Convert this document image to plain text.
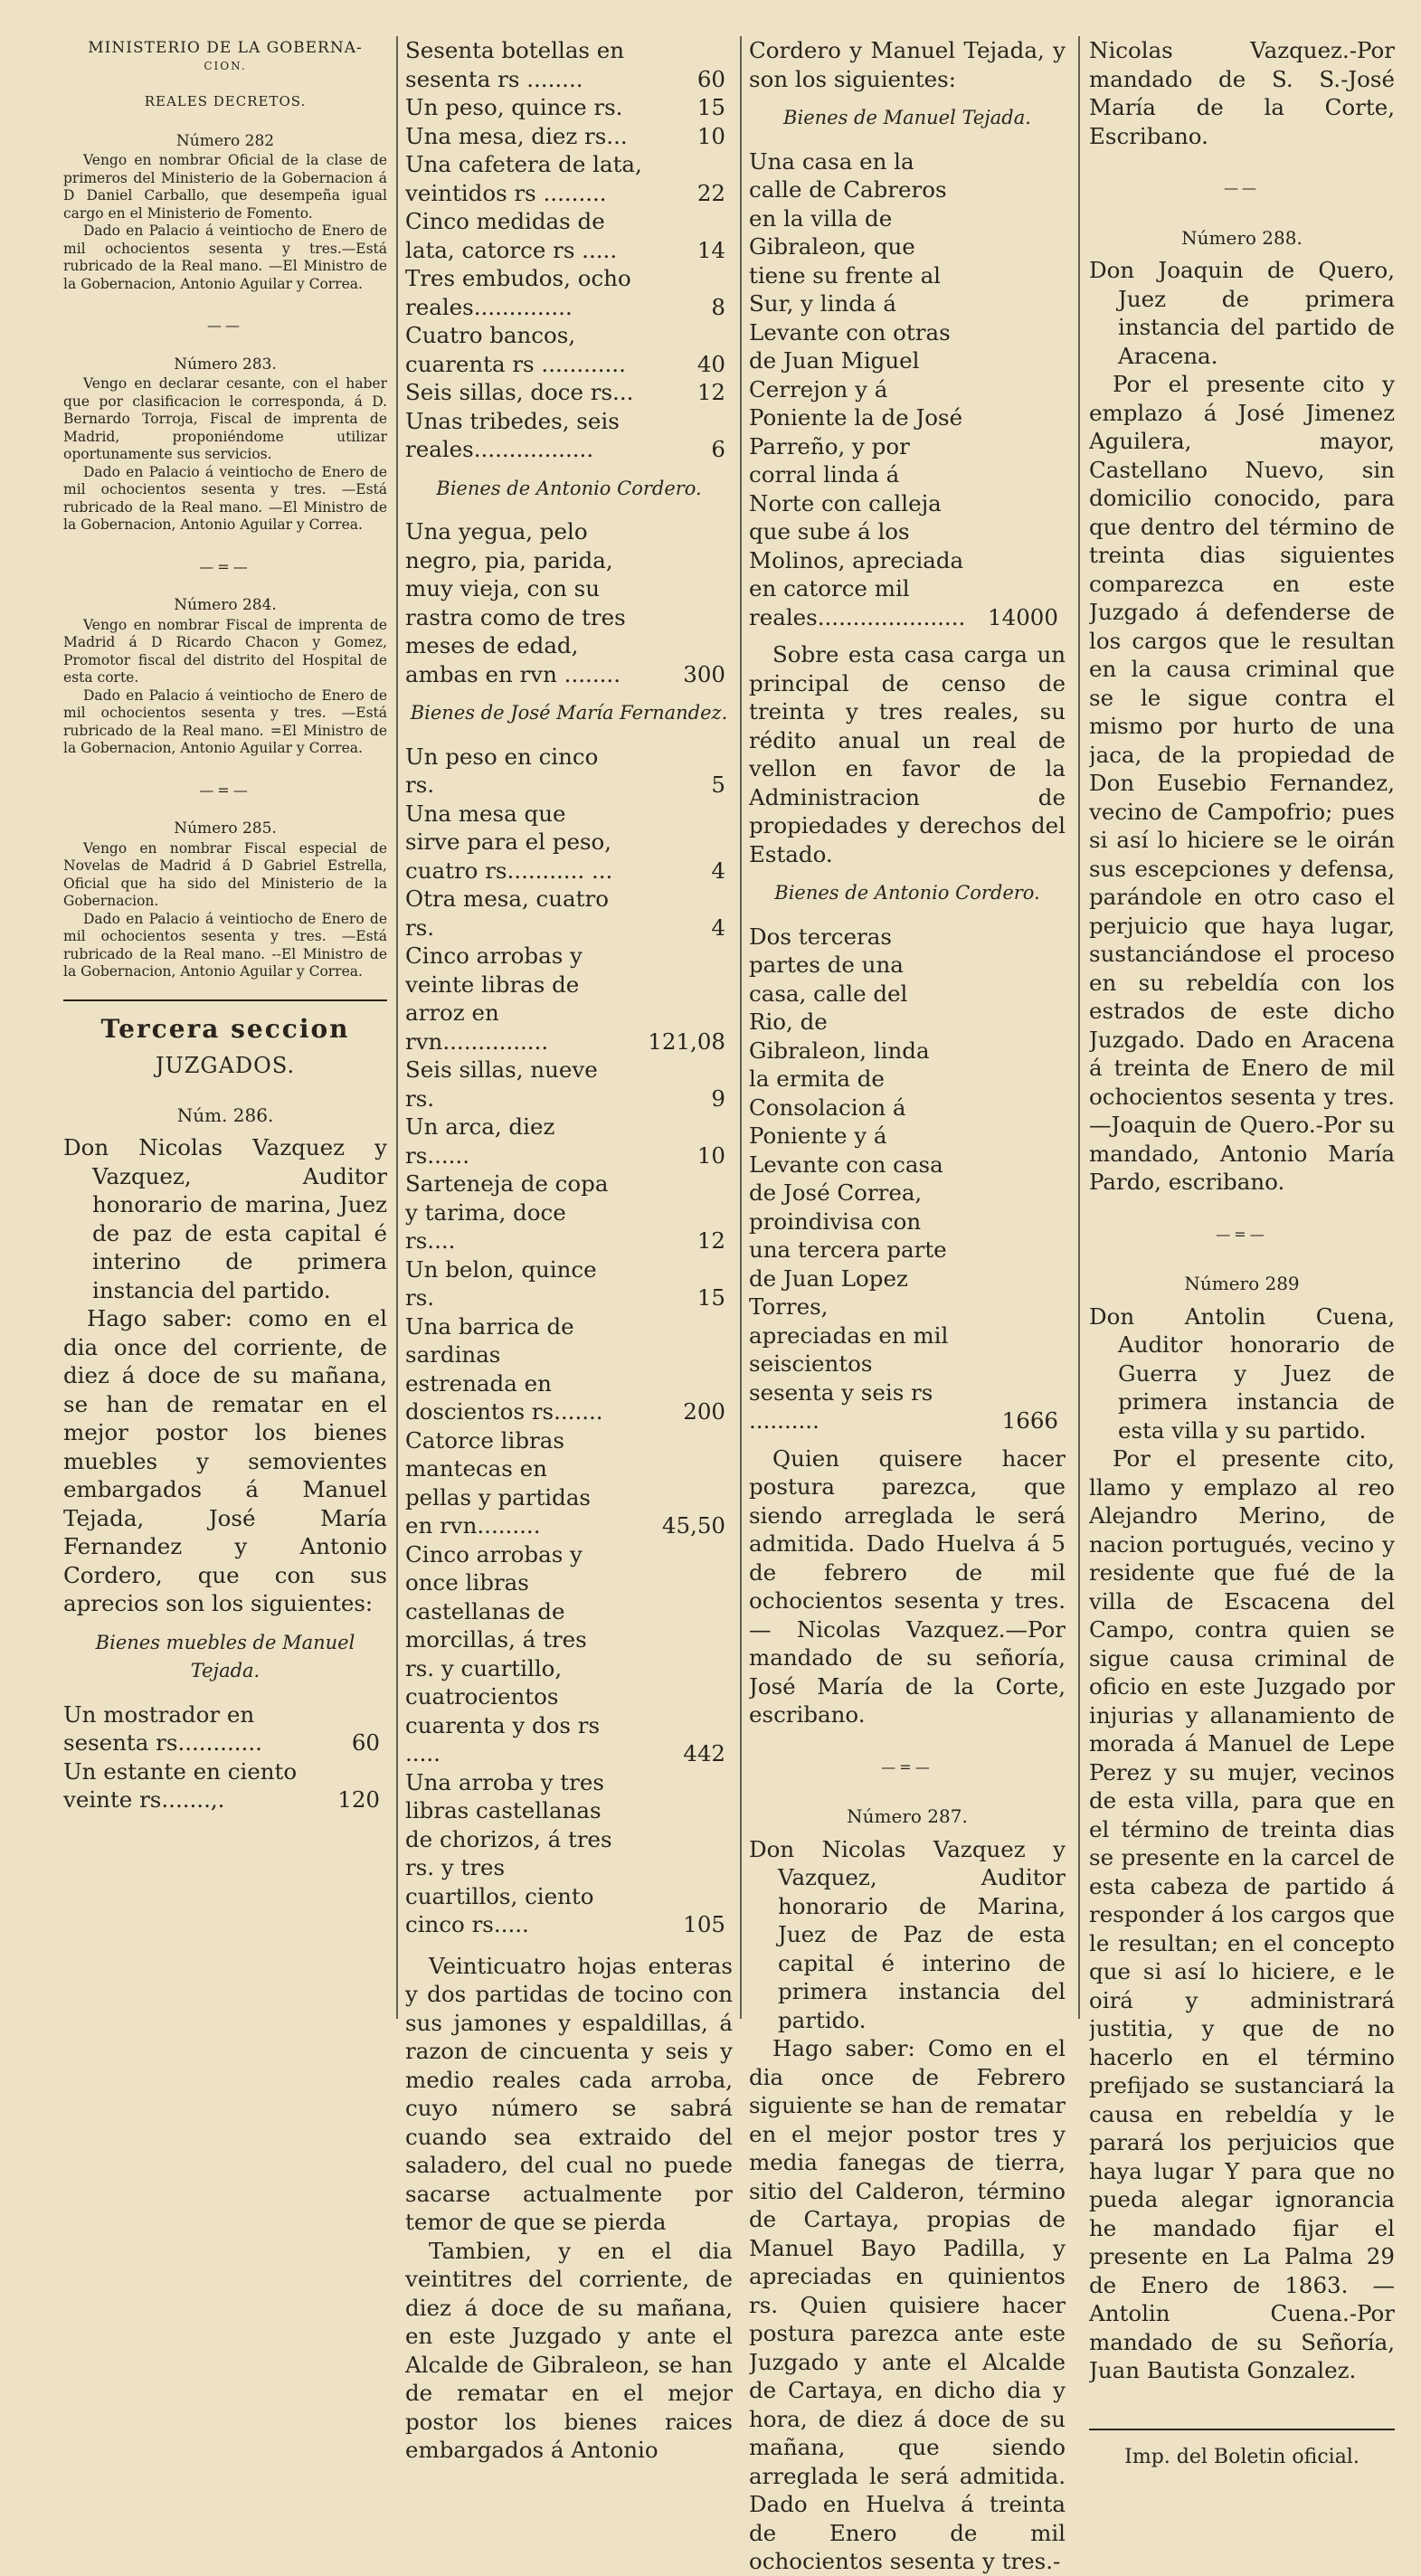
MINISTERIO DE LA GOBERNA-
CION.
REALES DECRETOS.
Número 282

Vengo en nombrar Oficial de la clase de primeros del Ministerio de la Gobernacion á D Daniel Carballo, que desempeña igual cargo en el Ministerio de Fomento.

Dado en Palacio á veintiocho de Enero de mil ochocientos sesenta y tres.—Está rubricado de la Real mano. —El Ministro de la Gobernacion, Antonio Aguilar y Correa.

——
Número 283.

Vengo en declarar cesante, con el haber que por clasificacion le corresponda, á D. Bernardo Torroja, Fiscal de imprenta de Madrid, proponiéndome utilizar oportunamente sus servicios.

Dado en Palacio á veintiocho de Enero de mil ochocientos sesenta y tres. —Está rubricado de la Real mano. —El Ministro de la Gobernacion, Antonio Aguilar y Correa.

—=—
Número 284.

Vengo en nombrar Fiscal de imprenta de Madrid á D Ricardo Chacon y Gomez, Promotor fiscal del distrito del Hospital de esta corte.

Dado en Palacio á veintiocho de Enero de mil ochocientos sesenta y tres. —Está rubricado de la Real mano. =El Ministro de la Gobernacion, Antonio Aguilar y Correa.

—=—
Número 285.

Vengo en nombrar Fiscal especial de Novelas de Madrid á D Gabriel Estrella, Oficial que ha sido del Ministerio de la Gobernacion.

Dado en Palacio á veintiocho de Enero de mil ochocientos sesenta y tres. —Está rubricado de la Real mano. --El Ministro de la Gobernacion, Antonio Aguilar y Correa.

Tercera seccion
JUZGADOS.
Núm. 286.

Don Nicolas Vazquez y Vazquez, Auditor honorario de marina, Juez de paz de esta capital é interino de primera instancia del partido.

Hago saber: como en el dia once del corriente, de diez á doce de su mañana, se han de rematar en el mejor postor los bienes muebles y semovientes embargados á Manuel Tejada, José María Fernandez y Antonio Cordero, que con sus aprecios son los siguientes:

Bienes muebles de Manuel Tejada.
Un mostrador en sesenta rs............	60
Un estante en ciento veinte rs.......,.	120
Sesenta botellas en sesenta rs ........	60
Un peso, quince rs.	15
Una mesa, diez rs...	10
Una cafetera de lata, veintidos rs .........	22
Cinco medidas de lata, catorce rs .....	14
Tres embudos, ocho reales..............	8
Cuatro bancos, cuarenta rs ............	40
Seis sillas, doce rs...	12
Unas tribedes, seis reales.................	6
Bienes de Antonio Cordero.
Una yegua, pelo negro, pia, parida, muy vieja, con su rastra como de tres meses de edad, ambas en rvn ........	300
Bienes de José María Fernandez.
Un peso en cinco rs.	5
Una mesa que sirve para el peso, cuatro rs........... ...	4
Otra mesa, cuatro rs.	4
Cinco arrobas y veinte libras de arroz en rvn...............	121,08
Seis sillas, nueve rs.	9
Un arca, diez rs......	10
Sarteneja de copa y tarima, doce rs....	12
Un belon, quince rs.	15
Una barrica de sardinas estrenada en doscientos rs.......	200
Catorce libras mantecas en pellas y partidas en rvn.........	45,50
Cinco arrobas y once libras castellanas de morcillas, á tres rs. y cuartillo, cuatrocientos cuarenta y dos rs .....	442
Una arroba y tres libras castellanas de chorizos, á tres rs. y tres cuartillos, ciento cinco rs.....	105

Veinticuatro hojas enteras y dos partidas de tocino con sus jamones y espaldillas, á razon de cincuenta y seis y medio reales cada arroba, cuyo número se sabrá cuando sea extraido del saladero, del cual no puede sacarse actualmente por temor de que se pierda

Tambien, y en el dia veintitres del corriente, de diez á doce de su mañana, en este Juzgado y ante el Alcalde de Gibraleon, se han de rematar en el mejor postor los bienes raices embargados á Antonio

Cordero y Manuel Tejada, y son los siguientes:

Bienes de Manuel Tejada.
Una casa en la calle de Cabreros en la villa de Gibraleon, que tiene su frente al Sur, y linda á Levante con otras de Juan Miguel Cerrejon y á Poniente la de José Parreño, y por corral linda á Norte con calleja que sube á los Molinos, apreciada en catorce mil reales.....................	14000

Sobre esta casa carga un principal de censo de treinta y tres reales, su rédito anual un real de vellon en favor de la Administracion de propiedades y derechos del Estado.

Bienes de Antonio Cordero.
Dos terceras partes de una casa, calle del Rio, de Gibraleon, linda la ermita de Consolacion á Poniente y á Levante con casa de José Correa, proindivisa con una tercera parte de Juan Lopez Torres, apreciadas en mil seiscientos sesenta y seis rs ..........	1666

Quien quisere hacer postura parezca, que siendo arreglada le será admitida. Dado Huelva á 5 de febrero de mil ochocientos sesenta y tres.— Nicolas Vazquez.—Por mandado de su señoría, José María de la Corte, escribano.

—=—
Número 287.

Don Nicolas Vazquez y Vazquez, Auditor honorario de Marina, Juez de Paz de esta capital é interino de primera instancia del partido.

Hago saber: Como en el dia once de Febrero siguiente se han de rematar en el mejor postor tres y media fanegas de tierra, sitio del Calderon, término de Cartaya, propias de Manuel Bayo Padilla, y apreciadas en quinientos rs. Quien quisiere hacer postura parezca ante este Juzgado y ante el Alcalde de Cartaya, en dicho dia y hora, de diez á doce de su mañana, que siendo arreglada le será admitida. Dado en Huelva á treinta de Enero de mil ochocientos sesenta y tres.-

Nicolas Vazquez.-Por mandado de S. S.-José María de la Corte, Escribano.

——
Número 288.

Don Joaquin de Quero, Juez de primera instancia del partido de Aracena.

Por el presente cito y emplazo á José Jimenez Aguilera, mayor, Castellano Nuevo, sin domicilio conocido, para que dentro del término de treinta dias siguientes comparezca en este Juzgado á defenderse de los cargos que le resultan en la causa criminal que se le sigue contra el mismo por hurto de una jaca, de la propiedad de Don Eusebio Fernandez, vecino de Campofrio; pues si así lo hiciere se le oirán sus escepciones y defensa, parándole en otro caso el perjuicio que haya lugar, sustanciándose el proceso en su rebeldía con los estrados de este dicho Juzgado. Dado en Aracena á treinta de Enero de mil ochocientos sesenta y tres.—Joaquin de Quero.-Por su mandado, Antonio María Pardo, escribano.

—=—
Número 289

Don Antolin Cuena, Auditor honorario de Guerra y Juez de primera instancia de esta villa y su partido.

Por el presente cito, llamo y emplazo al reo Alejandro Merino, de nacion portugués, vecino y residente que fué de la villa de Escacena del Campo, contra quien se sigue causa criminal de oficio en este Juzgado por injurias y allanamiento de morada á Manuel de Lepe Perez y su mujer, vecinos de esta villa, para que en el término de treinta dias se presente en la carcel de esta cabeza de partido á responder á los cargos que le resultan; en el concepto que si así lo hiciere, e le oirá y administrará justitia, y que de no hacerlo en el término prefijado se sustanciará la causa en rebeldía y le parará los perjuicios que haya lugar Y para que no pueda alegar ignorancia he mandado fijar el presente en La Palma 29 de Enero de 1863. —Antolin Cuena.-Por mandado de su Señoría, Juan Bautista Gonzalez.

Imp. del Boletin oficial.
